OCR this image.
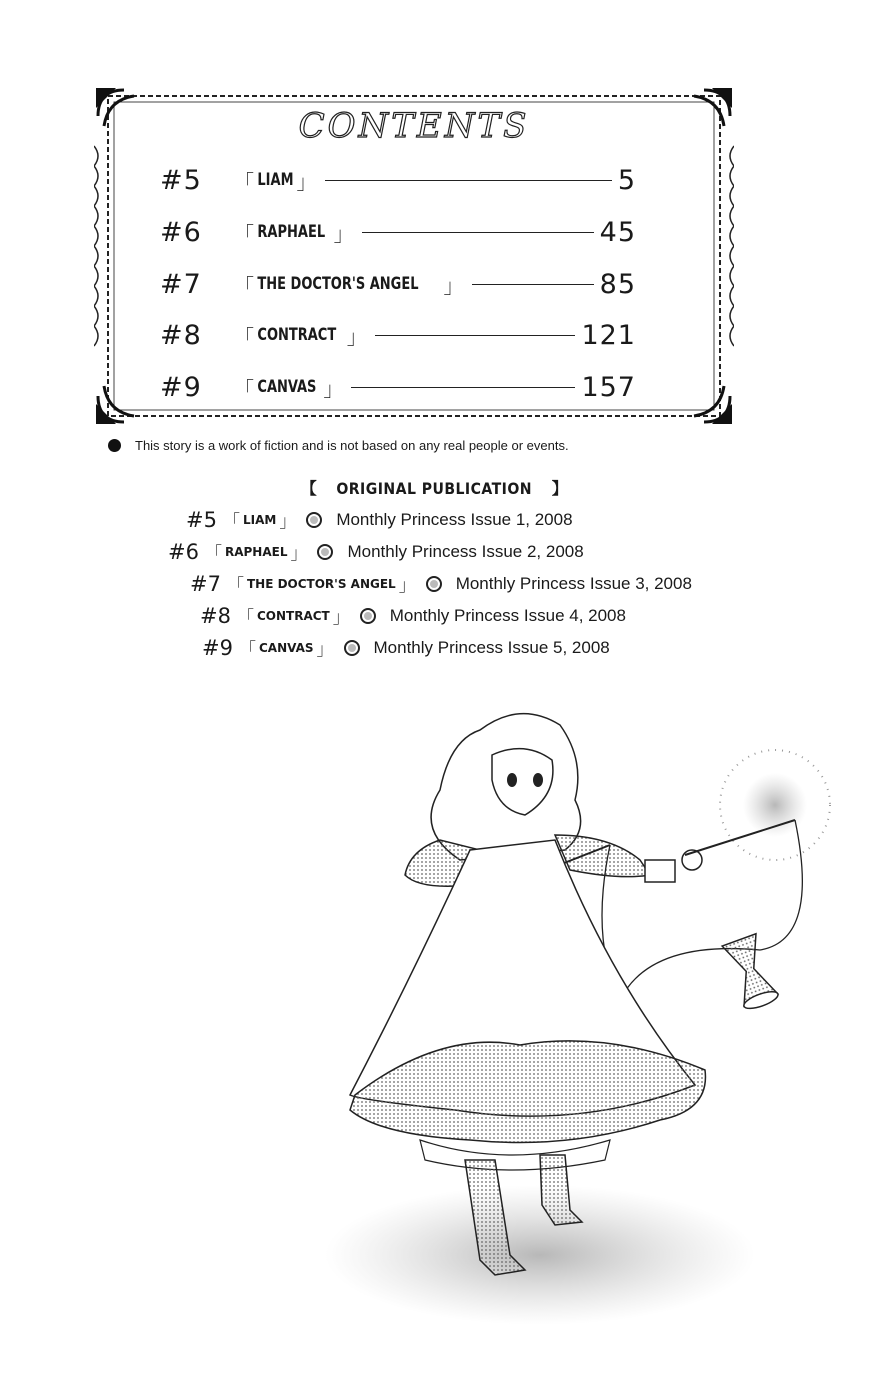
CONTENTS
#5	「 LIAM 」	5
#6	「 RAPHAEL 」	45
#7	「 THE DOCTOR'S ANGEL 」	85
#8	「 CONTRACT 」	121
#9	「 CANVAS 」	157
This story is a work of fiction and is not based on any real people or events.
【 ORIGINAL PUBLICATION 】
#5 「 LIAM 」 Monthly Princess Issue 1, 2008
#6 「 RAPHAEL 」 Monthly Princess Issue 2, 2008
#7 「 THE DOCTOR'S ANGEL 」 Monthly Princess Issue 3, 2008
#8 「 CONTRACT 」 Monthly Princess Issue 4, 2008
#9 「 CANVAS 」 Monthly Princess Issue 5, 2008
